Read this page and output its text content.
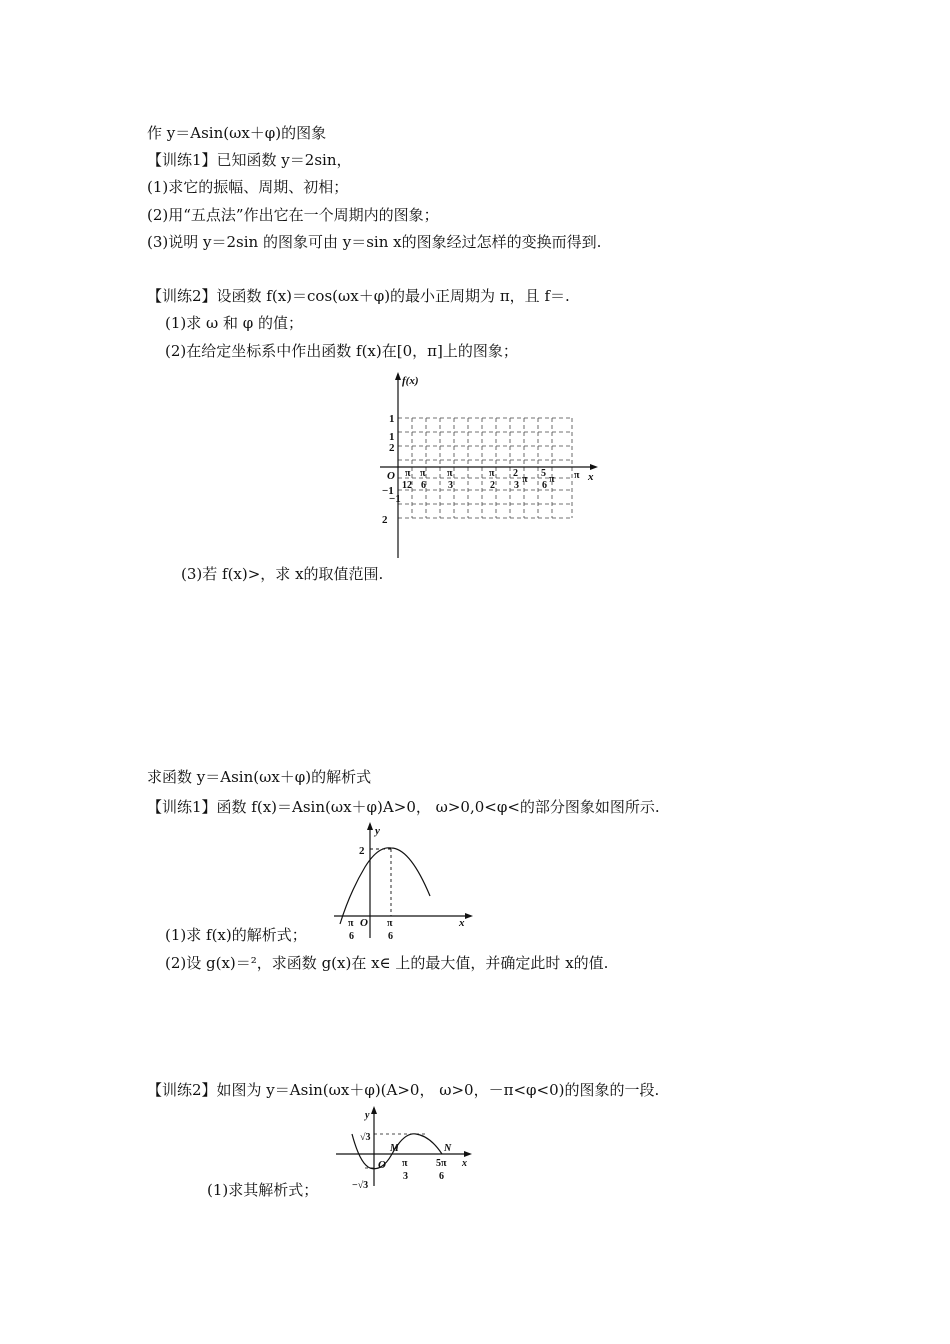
作 y＝Asin(ωx＋φ)的图象
【训练1】已知函数 y＝2sin，
(1)求它的振幅、周期、初相；
(2)用“五点法”作出它在一个周期内的图象；
(3)说明 y＝2sin 的图象可由 y＝sin x的图象经过怎样的变换而得到.
【训练2】设函数 f(x)＝cos(ωx＋φ)的最小正周期为 π，且 f＝.
(1)求 ω 和 φ 的值；
(2)在给定坐标系中作出函数 f(x)在[0，π]上的图象；
f(x)
x
O
1
1
2
−1
−1
2
π
12
π
6
π
3
π
2
2
3
π
5
6
π π
(3)若 f(x)>，求 x的取值范围.
求函数 y＝Asin(ωx＋φ)的解析式
【训练1】函数 f(x)＝Asin(ωx＋φ)A>0， ω>0,0<φ<的部分图象如图所示.
y
x
2
O
π
6
π
6
(1)求 f(x)的解析式；
(2)设 g(x)＝²，求函数 g(x)在 x∈ 上的最大值，并确定此时 x的值.
【训练2】如图为 y＝Asin(ωx＋φ)(A>0， ω>0，－π<φ<0)的图象的一段.
y
x
√3
−√3
O
M	N
π
3
5π
6
(1)求其解析式；
